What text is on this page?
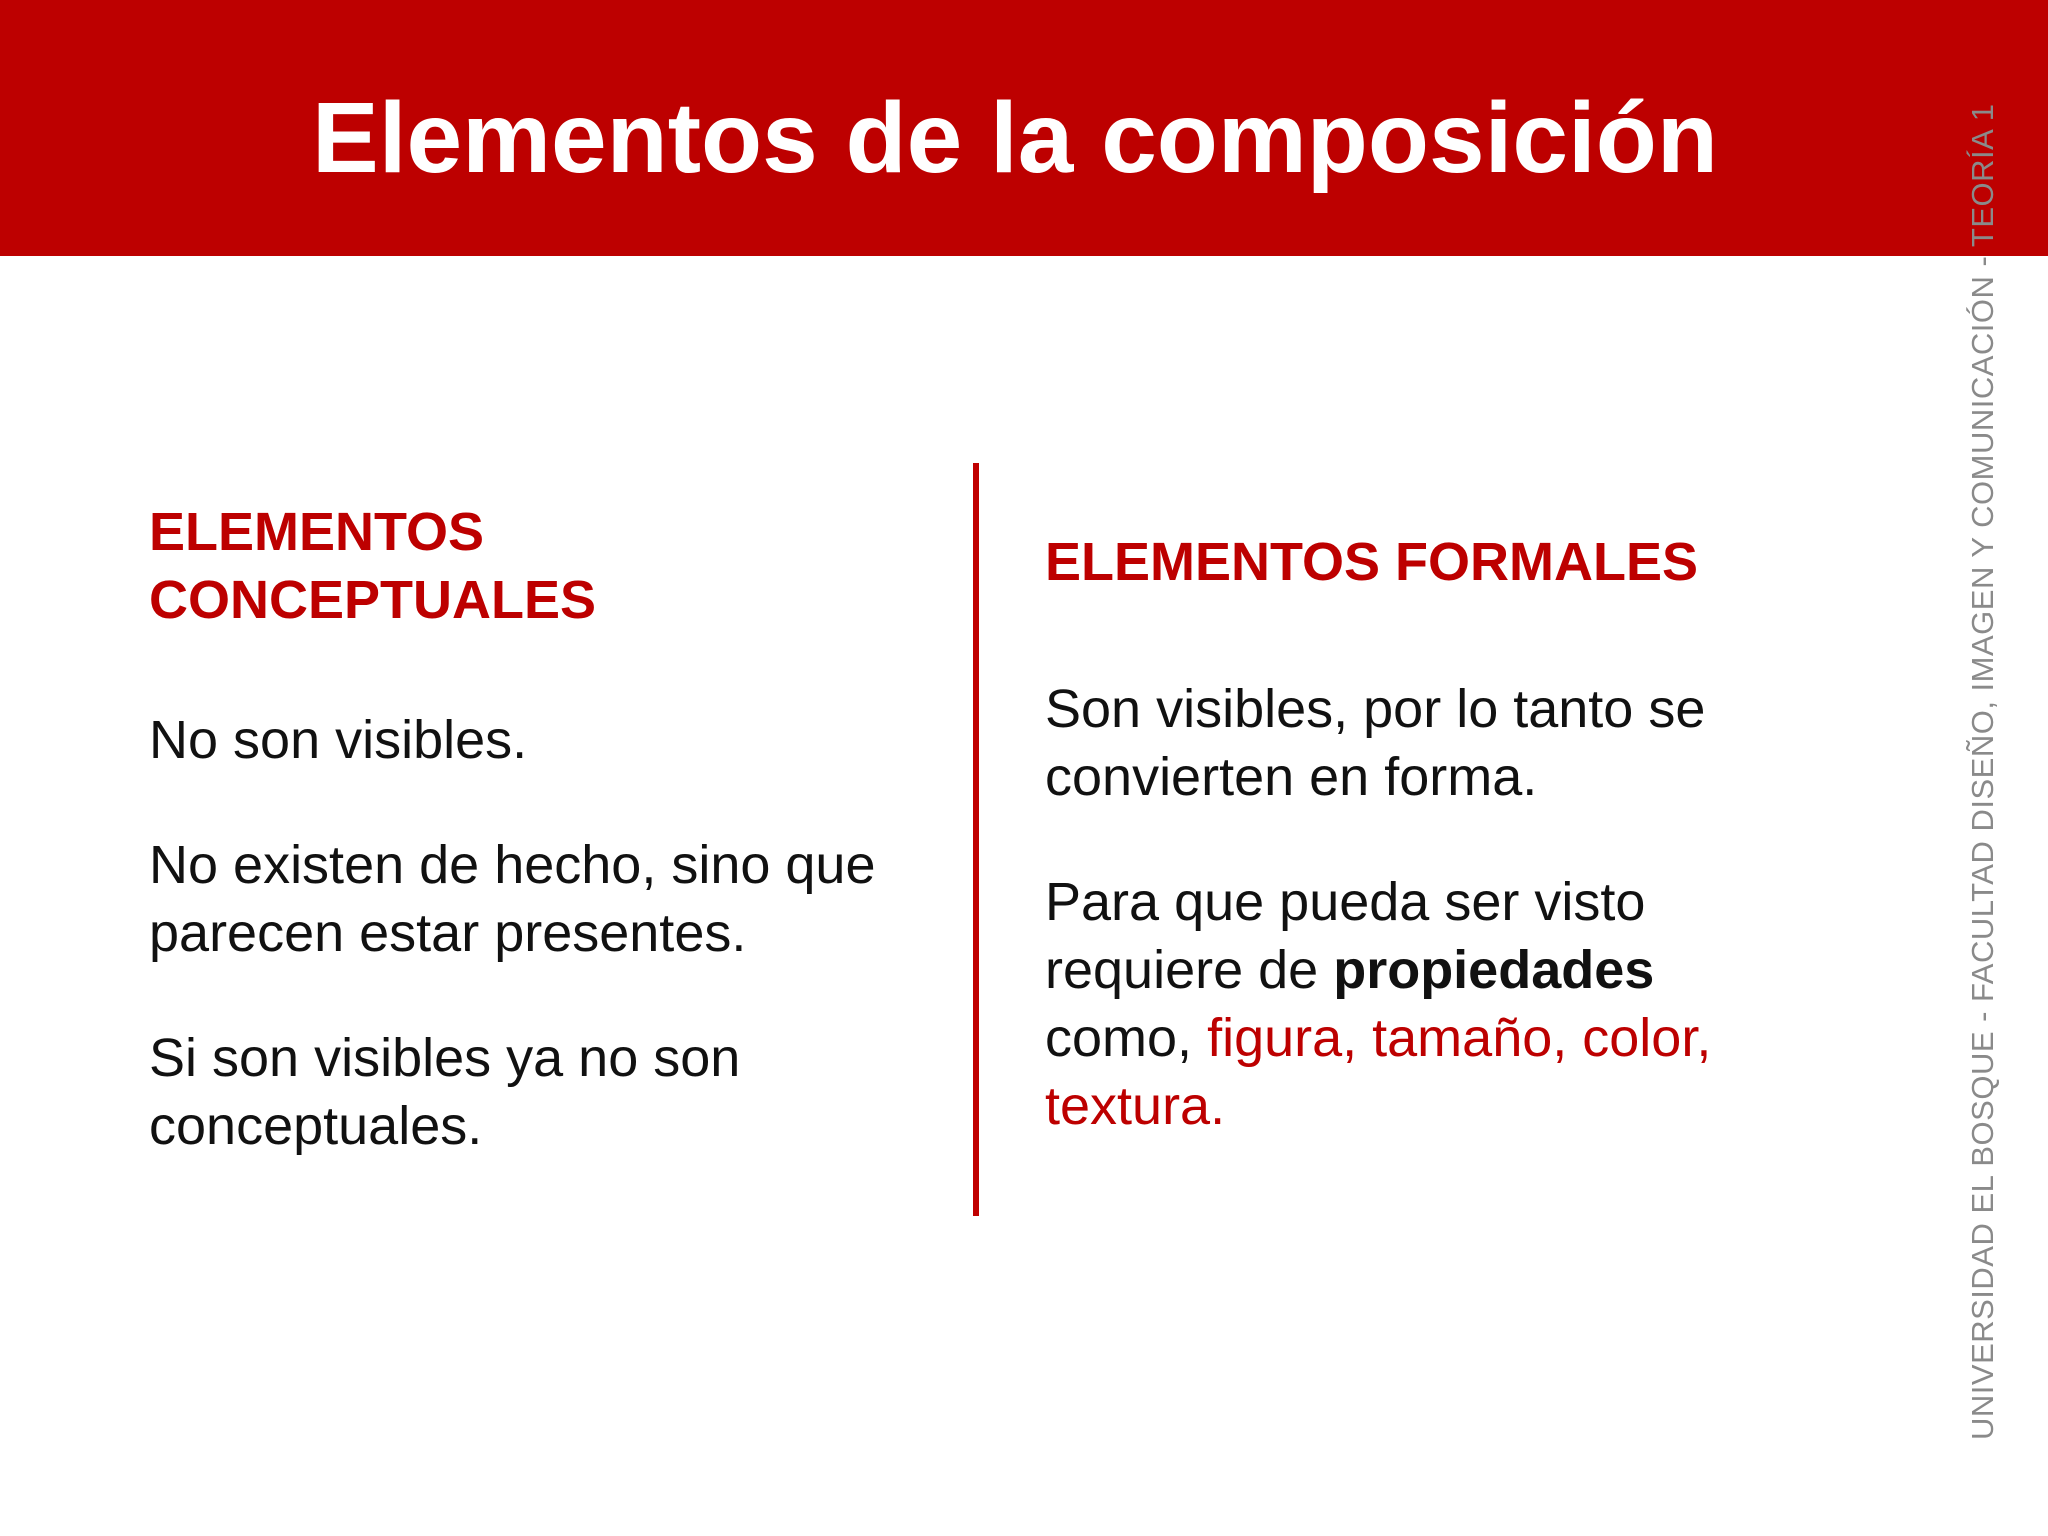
Elementos de la composición

ELEMENTOS CONCEPTUALES

No son visibles.

No existen de hecho, sino que parecen estar presentes.

Si son visibles ya no son conceptuales.

ELEMENTOS FORMALES

Son visibles, por lo tanto se convierten en forma.

Para que pueda ser visto requiere de propiedades como, figura, tamaño, color, textura.	UNIVERSIDAD EL BOSQUE - FACULTAD DISEÑO, IMAGEN Y COMUNICACIÓN - TEORÍA 1
